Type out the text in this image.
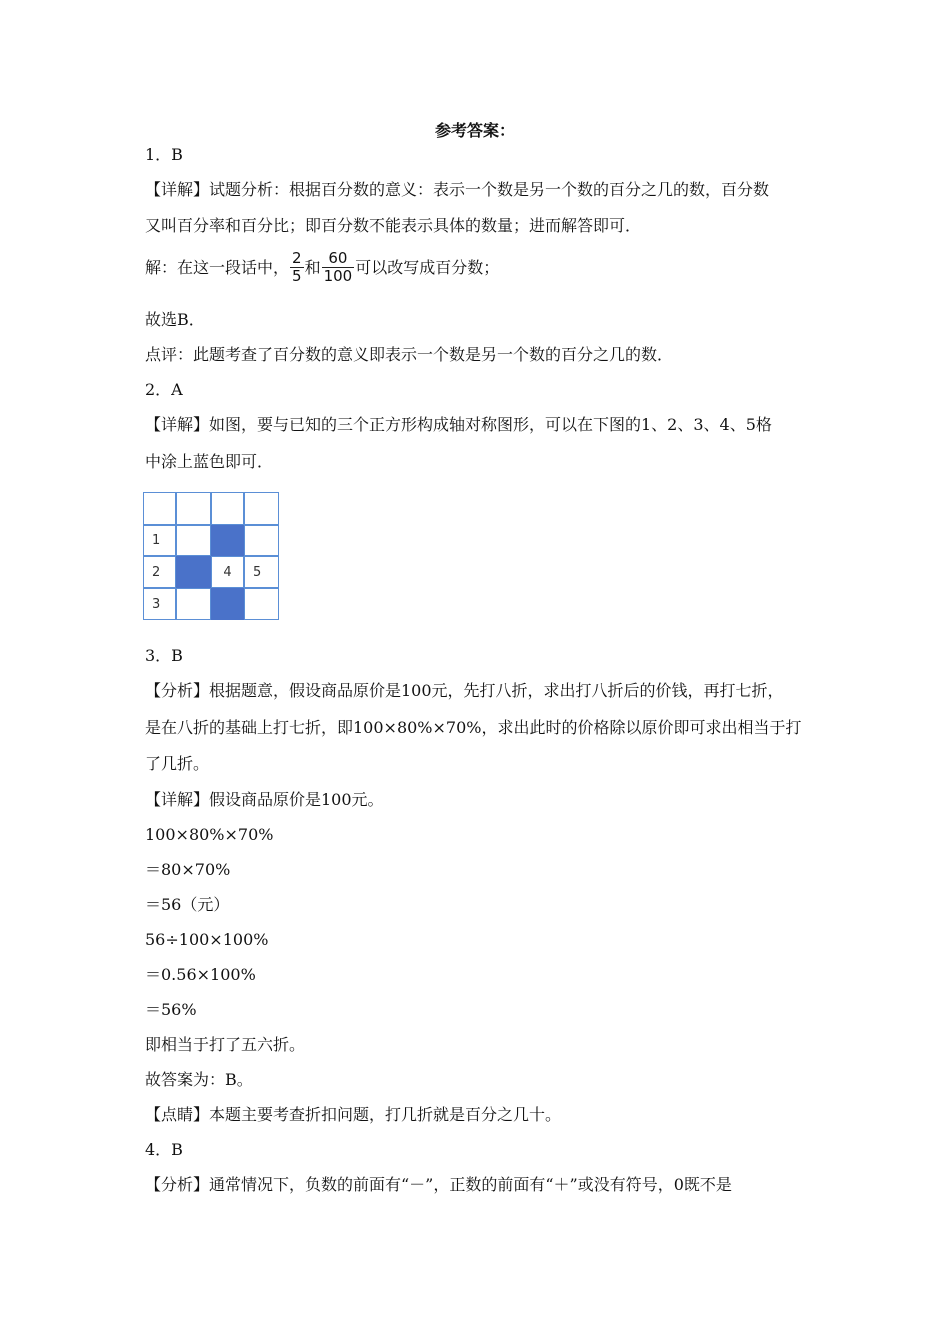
参考答案：
1．B
【详解】试题分析：根据百分数的意义：表示一个数是另一个数的百分之几的数，百分数
又叫百分率和百分比；即百分数不能表示具体的数量；进而解答即可．
解：在这一段话中， $\frac{2}{5}$ 和 $\frac{60}{100}$ 可以改写成百分数；
故选B．
点评：此题考查了百分数的意义即表示一个数是另一个数的百分之几的数．
2．A
【详解】如图，要与已知的三个正方形构成轴对称图形，可以在下图的1、2、3、4、5格
中涂上蓝色即可．
1
2	4	5
3
3．B
【分析】根据题意，假设商品原价是100元，先打八折，求出打八折后的价钱，再打七折，
是在八折的基础上打七折，即100×80%×70%，求出此时的价格除以原价即可求出相当于打
了几折。
【详解】假设商品原价是100元。
100×80%×70%
＝80×70%
＝56（元）
56÷100×100%
＝0.56×100%
＝56%
即相当于打了五六折。
故答案为：B。
【点睛】本题主要考查折扣问题，打几折就是百分之几十。
4．B
【分析】通常情况下，负数的前面有“－”，正数的前面有“＋”或没有符号，0既不是
